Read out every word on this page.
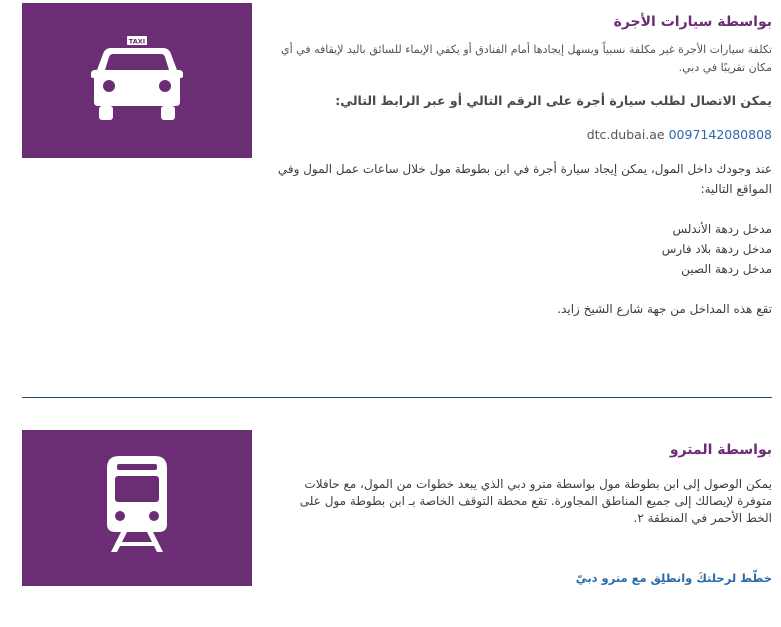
TAXI
بواسطة سيارات الأجرة
تكلفة سيارات الأجرة غير مكلفة نسبياً ويسهل إيجادها أمام الفنادق أو يكفي الإيماء للسائق باليد لإيقافه في أي مكان تقريبًا في دبي.
يمكن الاتصال لطلب سيارة أجرة على الرقم التالي أو عبر الرابط التالي:
dtc.dubai.ae 0097142080808
عند وجودك داخل المول، يمكن إيجاد سيارة أجرة في ابن بطوطة مول خلال ساعات عمل المول وفي المواقع التالية:
مدخل ردهة الأندلس
مدخل ردهة بلاد فارس
مدخل ردهة الصين
تقع هذه المداخل من جهة شارع الشيخ زايد.
بواسطة المترو
يمكن الوصول إلى ابن بطوطة مول بواسطة مترو دبي الذي يبعد خطوات من المول، مع حافلات متوفرة لإيصالك إلى جميع المناطق المجاورة. تقع محطة التوقف الخاصة بـ ابن بطوطة مول على الخط الأحمر في المنطقة ٢.
خطّط لرحلتكَ وانطلِق مع مترو دبيّ
